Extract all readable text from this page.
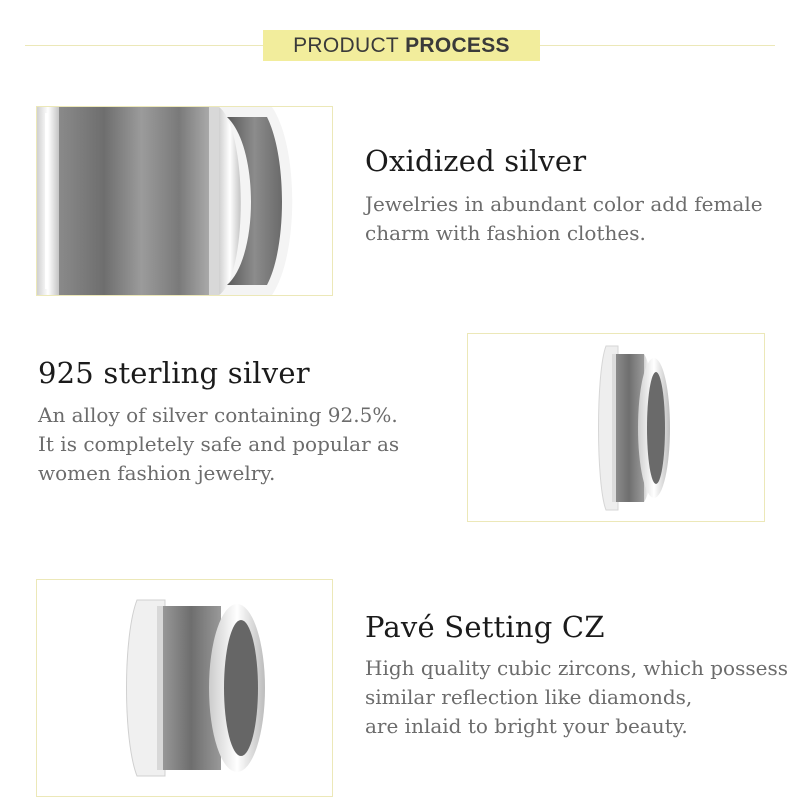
PRODUCT PROCESS
Oxidized silver
Jewelries in abundant color add female
charm with fashion clothes.
925 sterling silver
An alloy of silver containing 92.5%.
It is completely safe and popular as
women fashion jewelry.
Pavé Setting CZ
High quality cubic zircons, which possess
similar reflection like diamonds,
are inlaid to bright your beauty.
